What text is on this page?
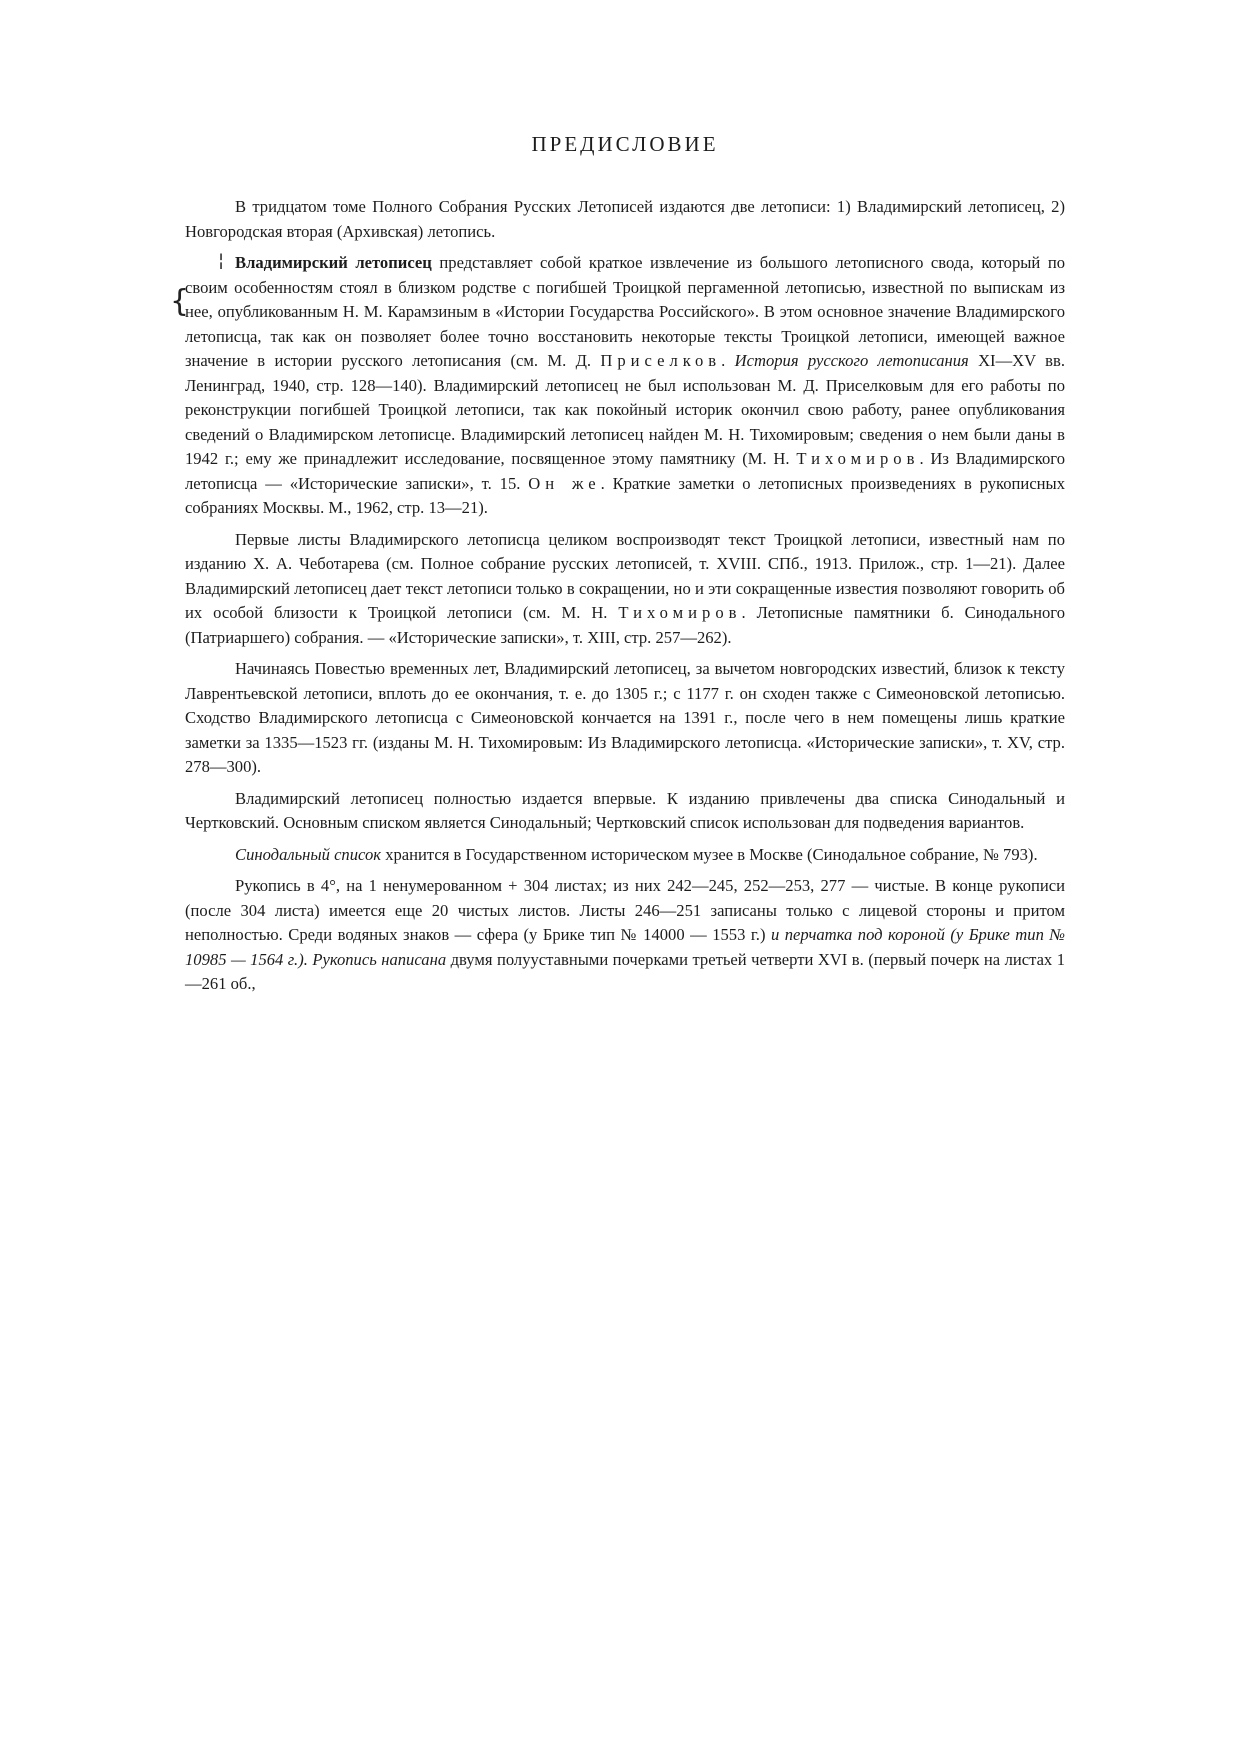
ПРЕДИСЛОВИЕ

В тридцатом томе Полного Собрания Русских Летописей издаются две летописи: 1) Владимирский летописец, 2) Новгородская вторая (Архивская) летопись.

Владимирский летописец представляет собой краткое извлечение из большого летописного свода, который по своим особенностям стоял в близком родстве с погибшей Троицкой пергаменной летописью, известной по выпискам из нее, опубликованным Н. М. Карамзиным в «Истории Государства Российского». В этом основное значение Владимирского летописца, так как он позволяет более точно восстановить некоторые тексты Троицкой летописи, имеющей важное значение в истории русского летописания (см. М. Д. Приселков. История русского летописания XI—XV вв. Ленинград, 1940, стр. 128—140). Владимирский летописец не был использован М. Д. Приселковым для его работы по реконструкции погибшей Троицкой летописи, так как покойный историк окончил свою работу, ранее опубликования сведений о Владимирском летописце. Владимирский летописец найден М. Н. Тихомировым; сведения о нем были даны в 1942 г.; ему же принадлежит исследование, посвященное этому памятнику (М. Н. Тихомиров. Из Владимирского летописца — «Исторические записки», т. 15. Он же. Краткие заметки о летописных произведениях в рукописных собраниях Москвы. М., 1962, стр. 13—21).

Первые листы Владимирского летописца целиком воспроизводят текст Троицкой летописи, известный нам по изданию Х. А. Чеботарева (см. Полное собрание русских летописей, т. XVIII. СПб., 1913. Прилож., стр. 1—21). Далее Владимирский летописец дает текст летописи только в сокращении, но и эти сокращенные известия позволяют говорить об их особой близости к Троицкой летописи (см. М. Н. Тихомиров. Летописные памятники б. Синодального (Патриаршего) собрания. — «Исторические записки», т. XIII, стр. 257—262).

Начинаясь Повестью временных лет, Владимирский летописец, за вычетом новгородских известий, близок к тексту Лаврентьевской летописи, вплоть до ее окончания, т. е. до 1305 г.; с 1177 г. он сходен также с Симеоновской летописью. Сходство Владимирского летописца с Симеоновской кончается на 1391 г., после чего в нем помещены лишь краткие заметки за 1335—1523 гг. (изданы М. Н. Тихомировым: Из Владимирского летописца. «Исторические записки», т. XV, стр. 278—300).

Владимирский летописец полностью издается впервые. К изданию привлечены два списка Синодальный и Чертковский. Основным списком является Синодальный; Чертковский список использован для подведения вариантов.

Синодальный список хранится в Государственном историческом музее в Москве (Синодальное собрание, № 793).

Рукопись в 4°, на 1 ненумерованном + 304 листах; из них 242—245, 252—253, 277 — чистые. В конце рукописи (после 304 листа) имеется еще 20 чистых листов. Листы 246—251 записаны только с лицевой стороны и притом неполностью. Среди водяных знаков — сфера (у Брике тип № 14000 — 1553 г.) и перчатка под короной (у Брике тип № 10985 — 1564 г.). Рукопись написана двумя полууставными почерками третьей четверти XVI в. (первый почерк на листах 1—261 об.,

{
¦
